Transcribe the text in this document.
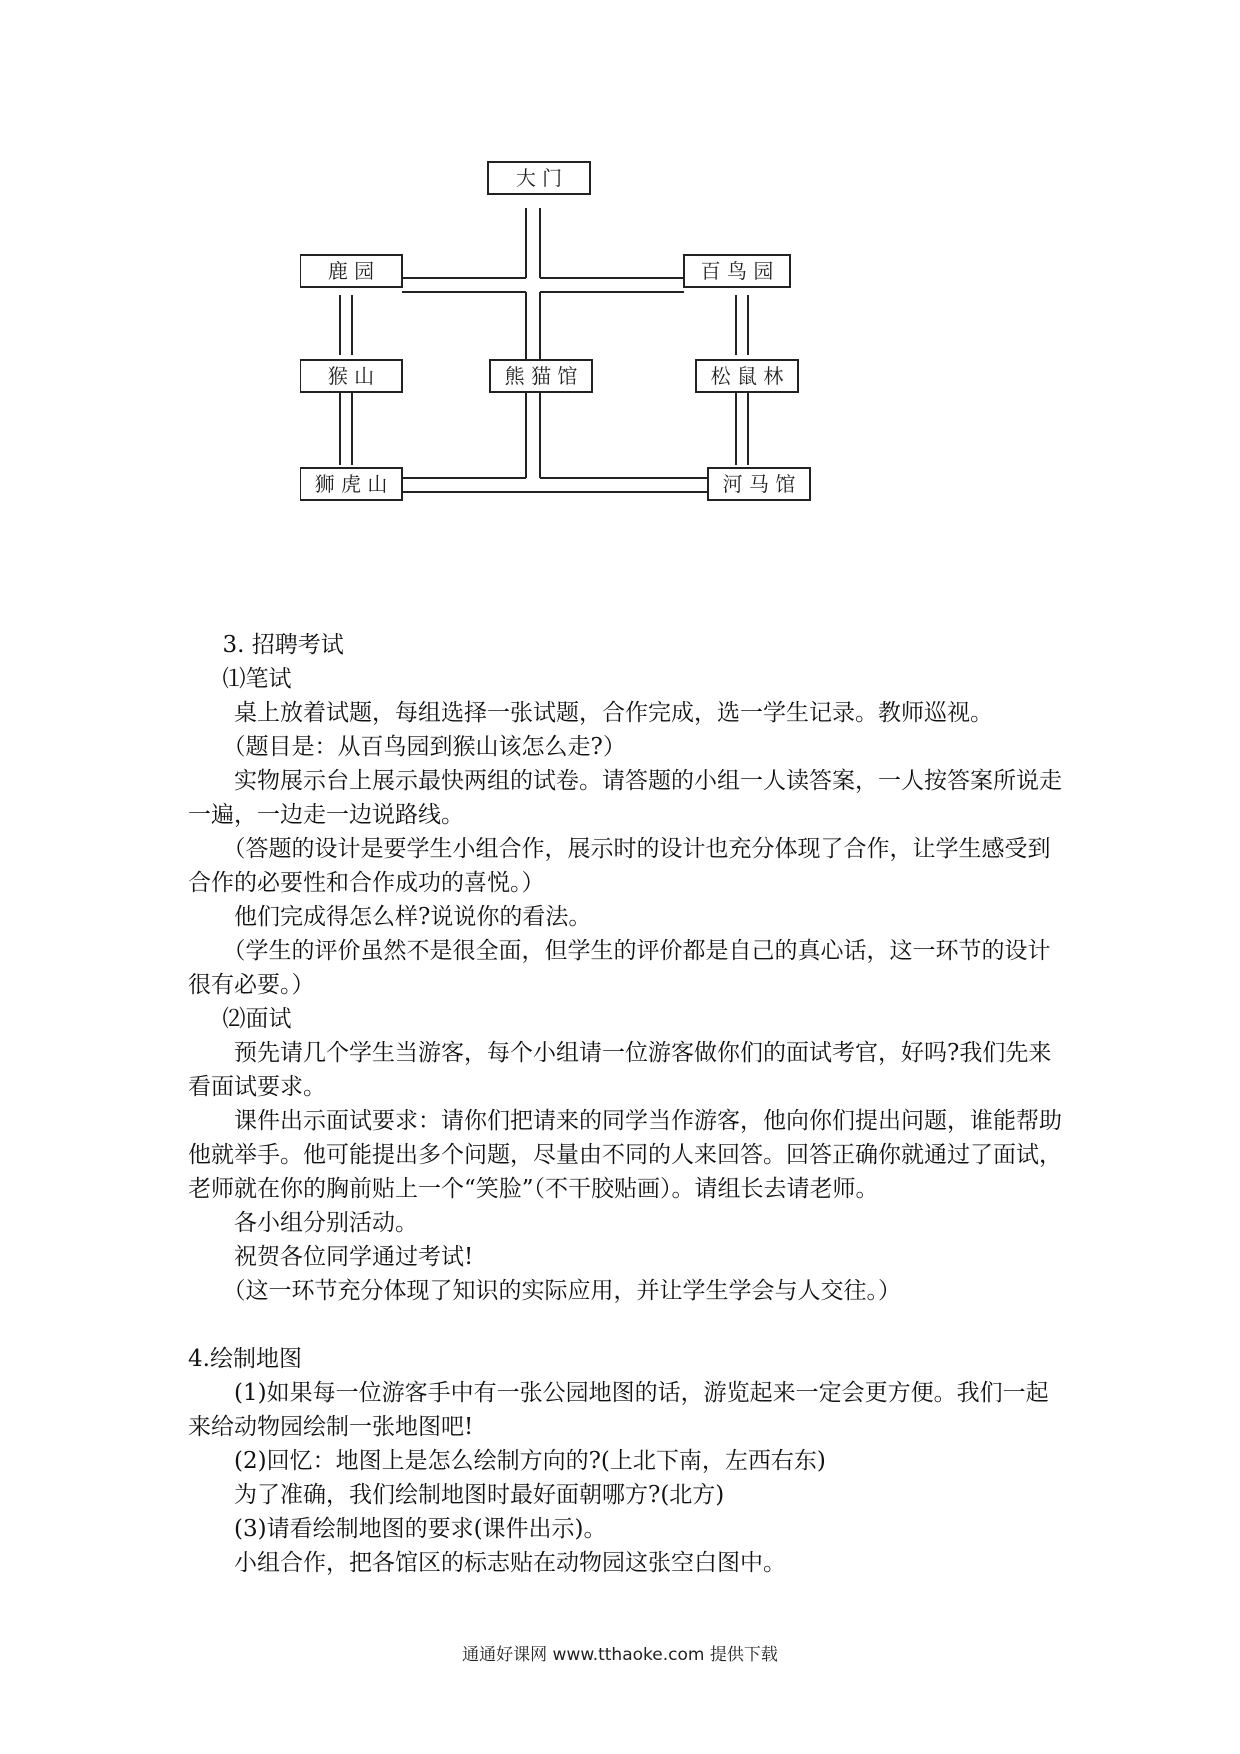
大 门
鹿 园	百 鸟 园
猴 山	熊 猫 馆	松 鼠 林
狮 虎 山	河 马 馆

3. 招聘考试

⑴笔试

桌上放着试题，每组选择一张试题，合作完成，选一学生记录。教师巡视。

（题目是：从百鸟园到猴山该怎么走?）

实物展示台上展示最快两组的试卷。请答题的小组一人读答案，一人按答案所说走一遍，一边走一边说路线。

（答题的设计是要学生小组合作，展示时的设计也充分体现了合作，让学生感受到合作的必要性和合作成功的喜悦。）

他们完成得怎么样?说说你的看法。

（学生的评价虽然不是很全面，但学生的评价都是自己的真心话，这一环节的设计很有必要。）

⑵面试

预先请几个学生当游客，每个小组请一位游客做你们的面试考官，好吗?我们先来看面试要求。

课件出示面试要求：请你们把请来的同学当作游客，他向你们提出问题，谁能帮助他就举手。他可能提出多个问题，尽量由不同的人来回答。回答正确你就通过了面试，老师就在你的胸前贴上一个“笑脸”（不干胶贴画）。请组长去请老师。

各小组分别活动。

祝贺各位同学通过考试!

（这一环节充分体现了知识的实际应用，并让学生学会与人交往。）

4.绘制地图

(1)如果每一位游客手中有一张公园地图的话，游览起来一定会更方便。我们一起来给动物园绘制一张地图吧!

(2)回忆：地图上是怎么绘制方向的?(上北下南，左西右东)

为了准确，我们绘制地图时最好面朝哪方?(北方)

(3)请看绘制地图的要求(课件出示)。

小组合作，把各馆区的标志贴在动物园这张空白图中。

通通好课网 www.tthaoke.com 提供下载
